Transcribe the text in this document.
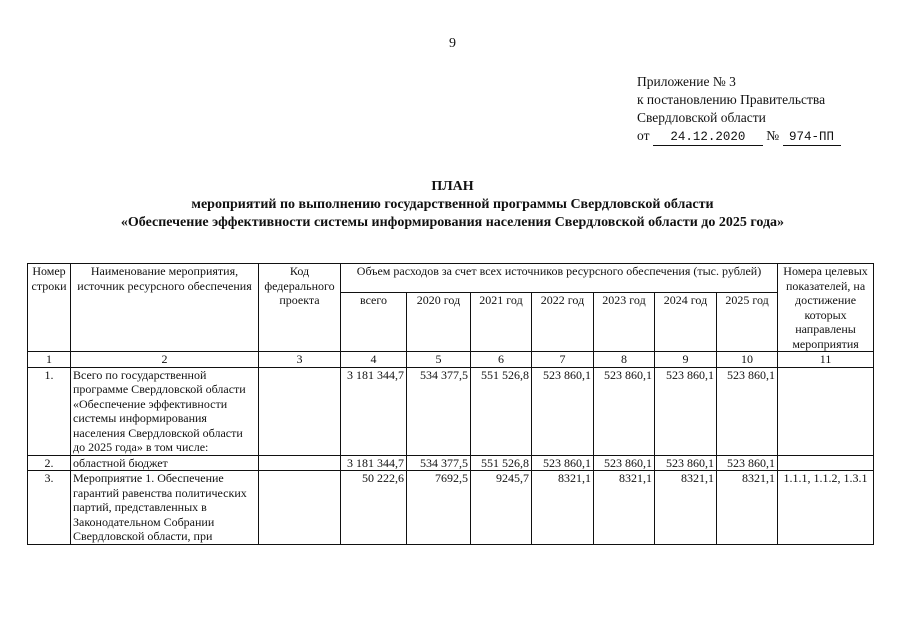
9
Приложение № 3
к постановлению Правительства
Свердловской области
от 24.12.2020 № 974-ПП
ПЛАН
мероприятий по выполнению государственной программы Свердловской области
«Обеспечение эффективности системы информирования населения Свердловской области до 2025 года»
Номер строки	Наименование мероприятия, источник ресурсного обеспечения	Код федерального проекта	Объем расходов за счет всех источников ресурсного обеспечения (тыс. рублей)							Номера целевых показателей, на достижение которых направлены мероприятия
			всего	2020 год	2021 год	2022 год	2023 год	2024 год	2025 год	
1	2	3	4	5	6	7	8	9	10	11
1.	Всего по государственной программе Свердловской области «Обеспечение эффективности системы информирования населения Свердловской области до 2025 года» в том числе:		3 181 344,7	534 377,5	551 526,8	523 860,1	523 860,1	523 860,1	523 860,1	
2.	областной бюджет		3 181 344,7	534 377,5	551 526,8	523 860,1	523 860,1	523 860,1	523 860,1	
3.	Мероприятие 1. Обеспечение гарантий равенства политических партий, представленных в Законодательном Собрании Свердловской области, при		50 222,6	7692,5	9245,7	8321,1	8321,1	8321,1	8321,1	1.1.1, 1.1.2, 1.3.1
